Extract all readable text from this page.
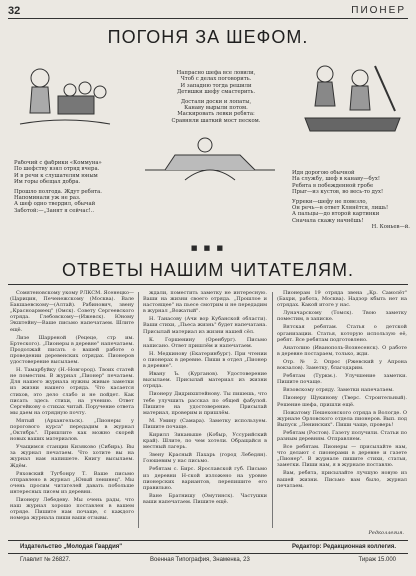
32	ПИОНЕР
ПОГОНЯ ЗА ШЕФОМ.

Напрасно шефа все ловили,

Чтоб с делах поговорить.

И западню тогда решили

Детишки шефу смастерить.

Достали доски и лопаты,

Канаву вырыли потом.

Маскировать левки ребята:

Сравняли шаткий мост песком.

Рабочий с фабрики «Коммуна»

По шефству взял отряд вчера.

И в речи к слушателям юным

Им горы обещал добра.

Прошло полгода. Ждут ребята.

Напоминали уж не раз.

А шеф одно твердил, обычай

Заботой:—„Занят я сейчас!..

Идя дорогою обычной

На службу, шеф в канаву—бух!

Ребята в побежденной гробе

Прыг—из кустов, во весь-то дух!

Урреки—шефу не повезло,

Он речь—в ответ Клянётся, лишь!

А пальцы—до второй картинки

Сначала скажу начнёшь!

Н. Коньев—й.

■ ■ ■
ОТВЕТЫ НАШИМ ЧИТАТЕЛЯМ.

Сомятеновскому укому РЛКСМ. Ясенецко—(Царицин, Печенежскому (Москва). Вале Бакшаевскому—(Алтай). Рабинович, звену „Красноармеец" (Омск). Совету Сергеевского отряда. Глебовскому—(Ижевск). Юному Экштейну—Ваше письмо напечатаем. Шлите ещё.

Лизе Шарреной (Рецеце, стр им. Бртеского). „Пионеры в деревне" напечатаем. Продолжай писать о вашей работе о проведении деревенских отрядах. Пионеров удостоверение высылаем.

Н. Тамарбуйку (Н.-Новгород). Твоих статей не поместим. В журнал „Пионер" печатаем. Для нашего журнала нужны живые заметки из жизни нашего отряда. Что касается стихов, это дело слабо и не пойдет. Как писать здесь стихи, на учению. Ответ Сергейкову о стихах читай. Поручение ответа мы даем на отрядную почту.

Мятый (Архангельск). „Пионеры у порогового курса" передадим в журнал „Октябрь". Пришлите как можно скорей новых ваших материалов.

Учащимся станции Кизяково (Сибирь). Вы за журнал печатаем. Что хотите вы на журнал нам напишете. Книгу высылаем. Ждём.

Ряховский Тугбонру Т. Ваше письмо отправлено в журнал „Юный ленинец". Мы очень просим читателей давать побольше интересных писем из деревни.

Пионеру Лебедеву. Мы очень рады, что наш журнал хорошо поставлен в вашем отряде. Пишите нам почаще, с каждого номера журнала пиши ваши отзывы.

ждали, поместить заметку не интересную. Ваши на жизни своего отряда. „Прошлое и настоящее" на пьесе смотрим и не передадим в журнал „Вожатый".

Н. Танасову (Ачи вор Кубанской области). Ваши стихи, „Пьеса жизнь" будет напечатана. Присылай материал из жизни нашей сёл.

К. Горшенину (Оренбург). Письмо написано. Ответ пришлём и напечатаем.

Н. Медкинову (Екатеринбург). При чтении о пионерах в деревне. Пиши в отдел „Пионер в деревне".

Ивану Ъ. (Курганов). Удостоверение высылаем. Присылай материал из жизни отряда.

Пионеру Дидрихштейнову. Ты пишешь, что тебе улучшить рассказ по общей фабулой. Пишите на удостоверение. Присылай материал, проверим и пришлём.

М. Умину (Самара). Заметку используем. Пишите почаще.

Кирилл Зиканыше (Кобыр, Уссурийский край). Шлите, по чем хотели. Обращайся в местный лагерь.

Звену Красный Пахарь (город Лебедян). Гоюшевим у нас письмо.

Ребятам с. Бирс. Ярославской губ. Письмо из деревни Н-ской изложено на уровне пионерских вариантов, перепишите его правильно.

Ване Братнишу (Омутинск). Частушки ваши напечатаем. Пишите ещё.

Пионерам 19 отряда звена „Кр. Самолёт" (Бахри, работа, Москва). Надзор кбыть нет на отрядах. Какой итоге у нас.

Луначарскому (Томск). Твою заметку поместим, в записке.

Вятская ребятам. Статья о детской организации. Статья, которую использую её, ребят. Все ребятам подготовлено.

Анатолию (Иванополь-Вознесенск). О работе в деревне постараем, только, жди.

Отр. № 2. Опрос (Ржевский у Апрона вокзалов). Заметку, благодарим.

Ребятам (Туркм.). Улучшение заметки. Пишите почаще.

Вязовскому отряду. Заметки напечатаем.

Пионеру Щукинову (Тверс. Строительный). Решение шефа, пришли ещё.

Пожатому Пешехонского отряда в Вологде. О журнале Орловского отдела пионеров. Вып. под Выпуск „Ленинских". Пиши чаще, проверь!

Ребятам (Ростов). Газету получили. Статьи по разным деревням. Отправляем.

Все ребятам. Пионеры — присылайте нам, что делают с пионерами в деревне и газете „Пионер". В журнале пишите стихи, статьи, заметки. Пиши нам, я в журнале поставлю.

Вам, ребята, присылайте лучшую новую из вашей жизни. Письмо вам было, журнал печатаем.

Редколлегия.
Издательство „Молодая Гвардия"	Редактор: Редакционная коллегия.
Главлит № 26827.	Военная Типография, Знаменка, 23	Тираж 15.000
